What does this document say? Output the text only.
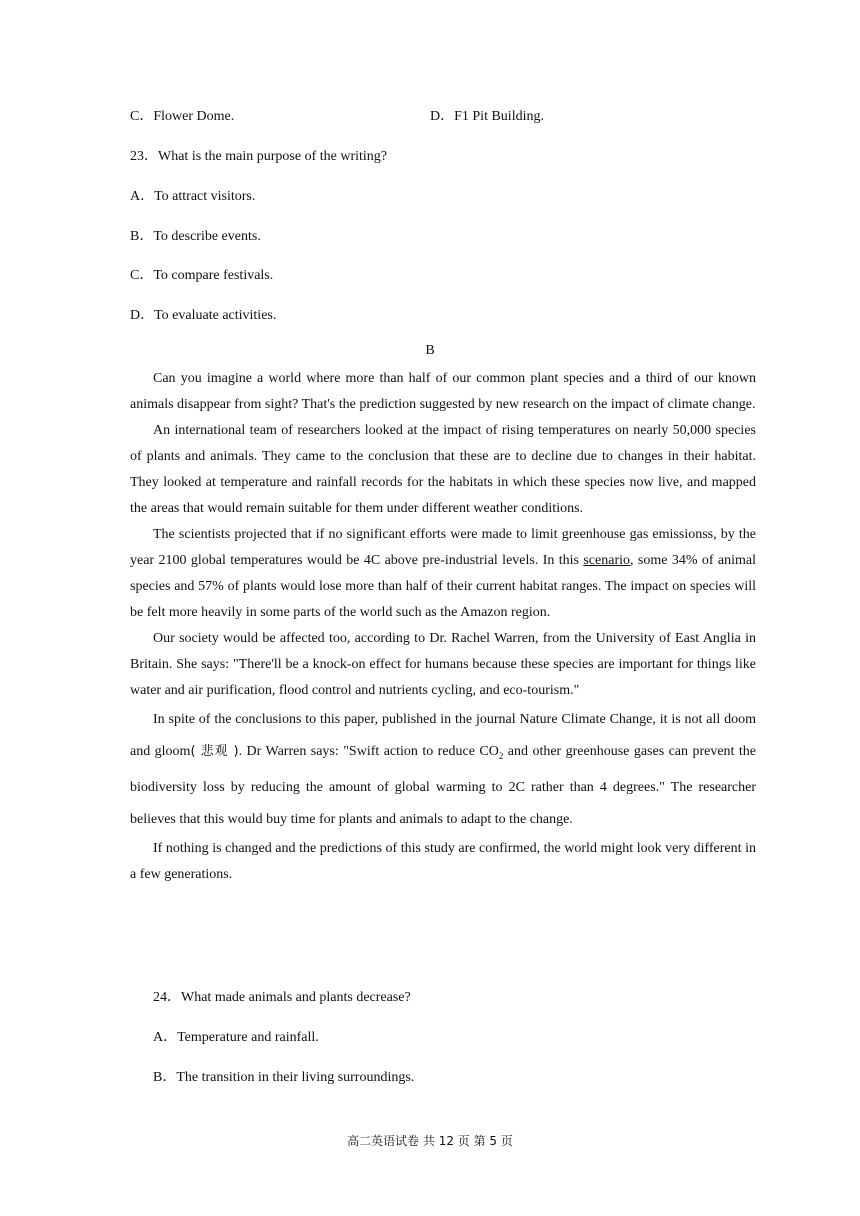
C．Flower Dome.	D．F1 Pit Building.
23．What is the main purpose of the writing?
A．To attract visitors.
B．To describe events.
C．To compare festivals.
D．To evaluate activities.
B

Can you imagine a world where more than half of our common plant species and a third of our known animals disappear from sight? That's the prediction suggested by new research on the impact of climate change.

An international team of researchers looked at the impact of rising temperatures on nearly 50,000 species of plants and animals. They came to the conclusion that these are to decline due to changes in their habitat. They looked at temperature and rainfall records for the habitats in which these species now live, and mapped the areas that would remain suitable for them under different weather conditions.

The scientists projected that if no significant efforts were made to limit greenhouse gas emissionss, by the year 2100 global temperatures would be 4C above pre-industrial levels. In this scenario, some 34% of animal species and 57% of plants would lose more than half of their current habitat ranges. The impact on species will be felt more heavily in some parts of the world such as the Amazon region.

Our society would be affected too, according to Dr. Rachel Warren, from the University of East Anglia in Britain. She says: "There'll be a knock-on effect for humans because these species are important for things like water and air purification, flood control and nutrients cycling, and eco-tourism."

In spite of the conclusions to this paper, published in the journal Nature Climate Change, it is not all doom and gloom( 悲观 ). Dr Warren says: "Swift action to reduce $CO_2$ and other greenhouse gases can prevent the biodiversity loss by reducing the amount of global warming to 2C rather than 4 degrees." The researcher believes that this would buy time for plants and animals to adapt to the change.

If nothing is changed and the predictions of this study are confirmed, the world might look very different in a few generations.

24．What made animals and plants decrease?
A．Temperature and rainfall.
B．The transition in their living surroundings.
高二英语试卷 共 12 页 第 5 页
